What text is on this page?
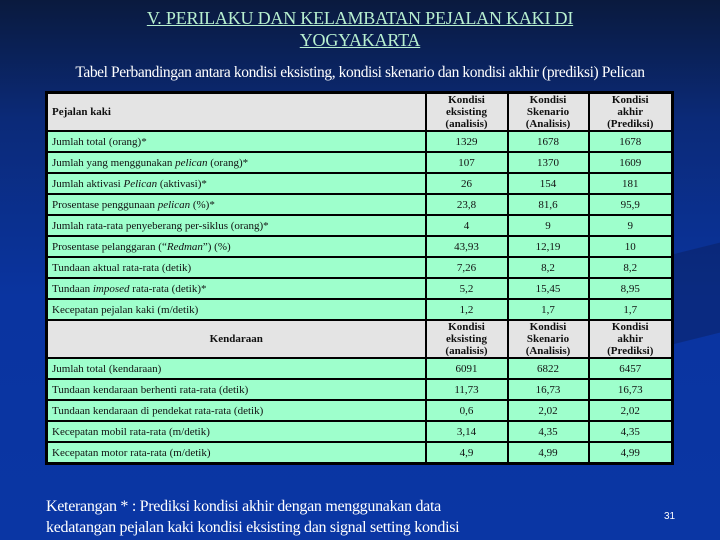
V. PERILAKU DAN KELAMBATAN PEJALAN KAKI DI
YOGYAKARTA
Tabel Perbandingan antara kondisi eksisting, kondisi skenario dan kondisi akhir (prediksi) Pelican
Pejalan kaki	Kondisi
eksisting
(analisis)	Kondisi
Skenario
(Analisis)	Kondisi
akhir
(Prediksi)
Jumlah total (orang)*	1329	1678	1678
Jumlah yang menggunakan pelican (orang)*	107	1370	1609
Jumlah aktivasi Pelican (aktivasi)*	26	154	181
Prosentase penggunaan pelican (%)*	23,8	81,6	95,9
Jumlah rata-rata penyeberang per-siklus (orang)*	4	9	9
Prosentase pelanggaran (“Redman”) (%)	43,93	12,19	10
Tundaan aktual rata-rata (detik)	7,26	8,2	8,2
Tundaan imposed rata-rata (detik)*	5,2	15,45	8,95
Kecepatan pejalan kaki (m/detik)	1,2	1,7	1,7
Kendaraan	Kondisi
eksisting
(analisis)	Kondisi
Skenario
(Analisis)	Kondisi
akhir
(Prediksi)
Jumlah total (kendaraan)	6091	6822	6457
Tundaan kendaraan berhenti rata-rata (detik)	11,73	16,73	16,73
Tundaan kendaraan di pendekat rata-rata (detik)	0,6	2,02	2,02
Kecepatan mobil rata-rata (m/detik)	3,14	4,35	4,35
Kecepatan motor rata-rata (m/detik)	4,9	4,99	4,99
Keterangan * : Prediksi kondisi akhir dengan menggunakan data
kedatangan pejalan kaki kondisi eksisting dan signal setting kondisi
31
